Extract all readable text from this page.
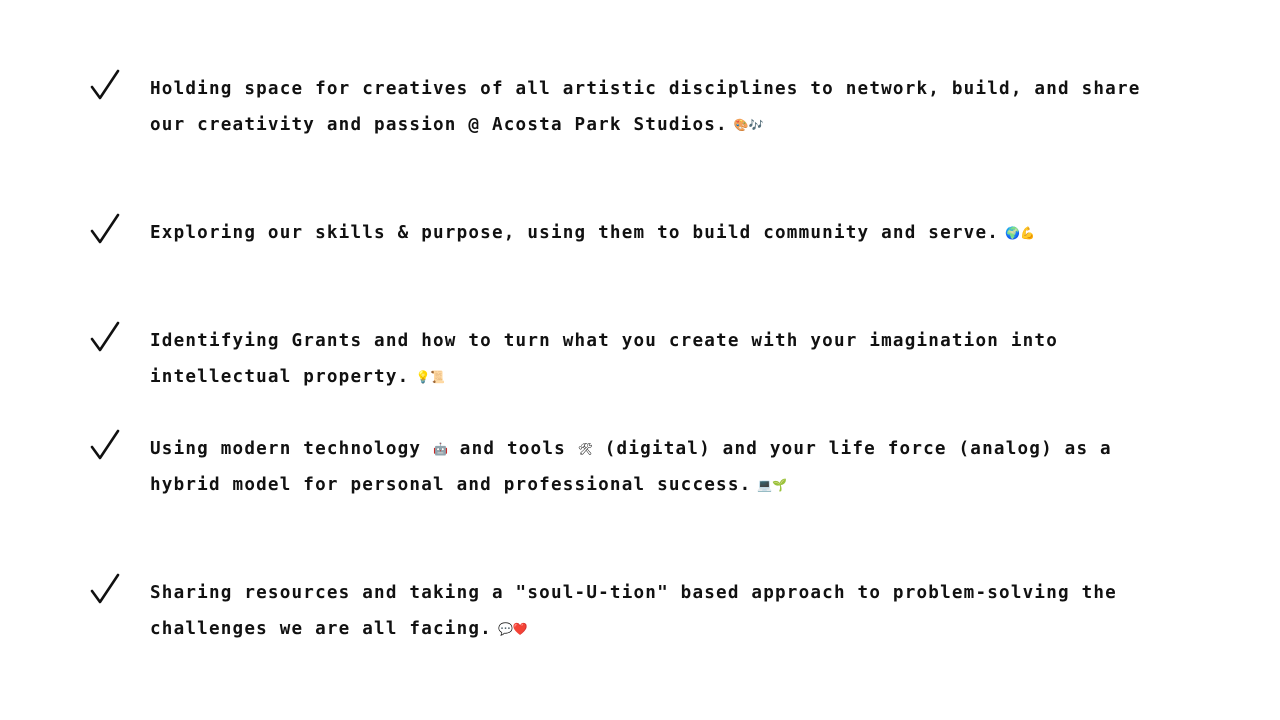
Holding space for creatives of all artistic disciplines to network, build, and share our creativity and passion @ Acosta Park Studios. 🎨🎶
Exploring our skills & purpose, using them to build community and serve. 🌍💪
Identifying Grants and how to turn what you create with your imagination into intellectual property. 💡📜
Using modern technology 🤖 and tools 🛠 (digital) and your life force (analog) as a hybrid model for personal and professional success. 💻🌱
Sharing resources and taking a "soul-U-tion" based approach to problem-solving the challenges we are all facing. 💬❤️
